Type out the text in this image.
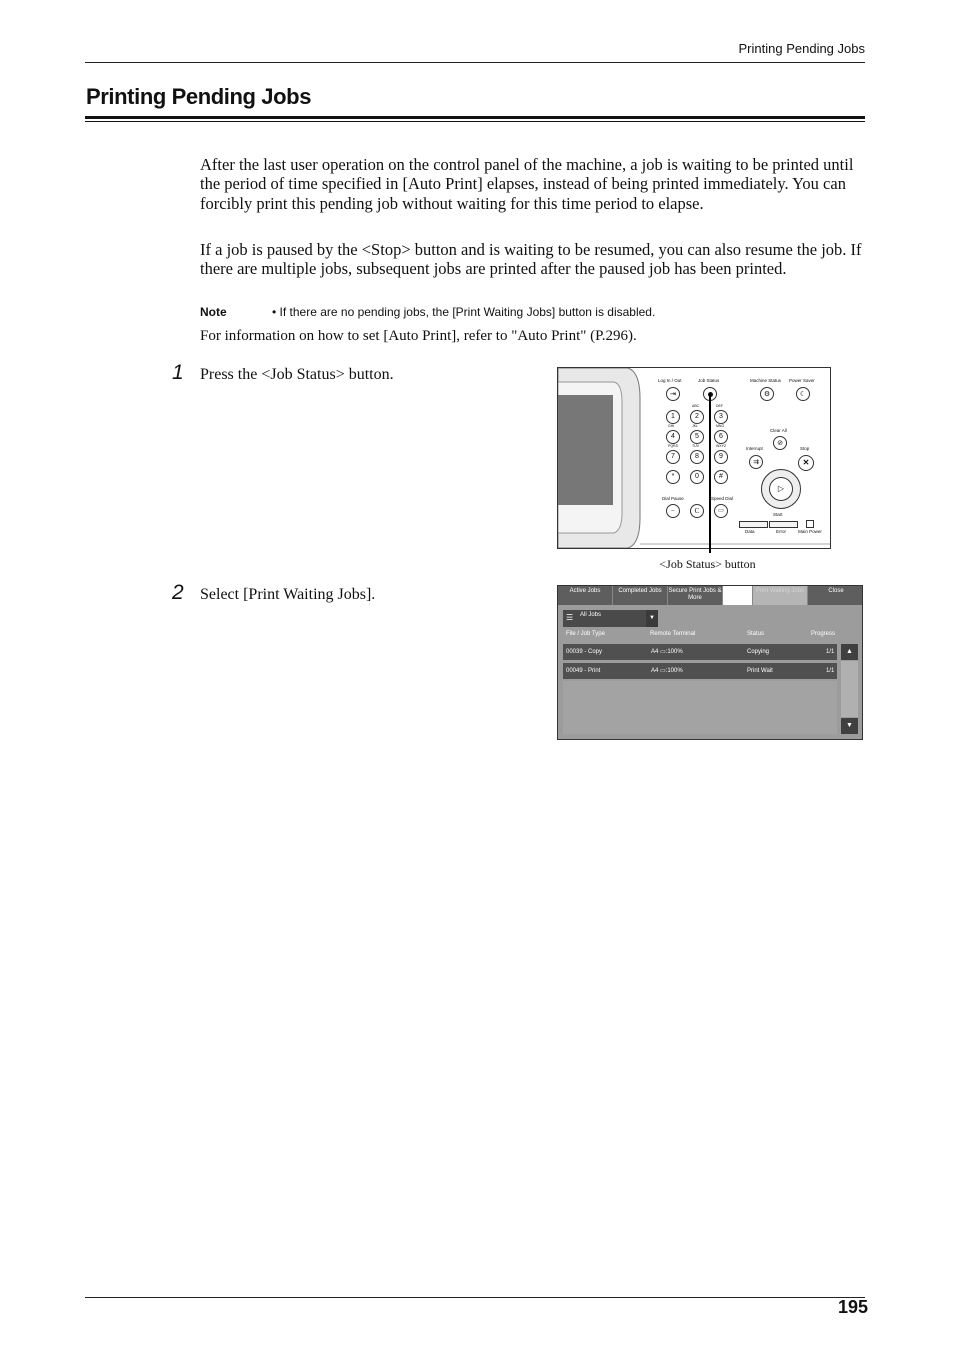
Printing Pending Jobs
Printing Pending Jobs
After the last user operation on the control panel of the machine, a job is waiting to be printed until the period of time specified in [Auto Print] elapses, instead of being printed immediately. You can forcibly print this pending job without waiting for this time period to elapse.
If a job is paused by the <Stop> button and is waiting to be resumed, you can also resume the job. If there are multiple jobs, subsequent jobs are printed after the paused job has been printed.
Note	• If there are no pending jobs, the [Print Waiting Jobs] button is disabled.
For information on how to set [Auto Print], refer to "Auto Print" (P.296).
1 Press the <Job Status> button.	Log In / Out	Job Status	Machine Status Power Saver
⇥	⚙	☾
1
ABC
2
DEF
3
GHI
4
JKL
5
MNO
6
PQRS
7
TUV
8
WXYZ
9
*	0	#
Dial Pause	Speed Dial
−	C	▭
Clear All
⊘
Interrupt
⇉
Stop
✕
▷
Start
Data	Error	Main Power
<Job Status> button
2 Select [Print Waiting Jobs].	Active Jobs	Completed Jobs	Secure Print Jobs & More
Print Waiting Jobs	Close
☰ All Jobs	▼
File / Job Type	Remote Terminal	Status	Progress
00039 - Copy	A4 ▭:100%	Copying	1/1
00049 - Print	A4 ▭:100%	Print Wait	1/1
▲
▼
195
